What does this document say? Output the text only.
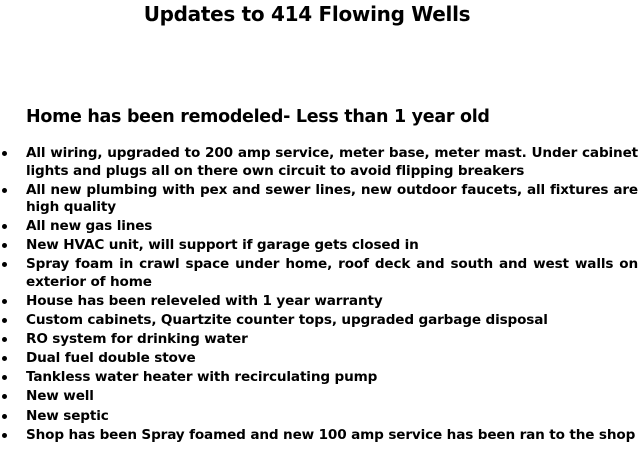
Updates to 414 Flowing Wells
Home has been remodeled- Less than 1 year old
All wiring, upgraded to 200 amp service, meter base, meter mast. Under cabinet lights and plugs all on there own circuit to avoid flipping breakers
All new plumbing with pex and sewer lines, new outdoor faucets, all fixtures are high quality
All new gas lines
New HVAC unit, will support if garage gets closed in
Spray foam in crawl space under home, roof deck and south and west walls on exterior of home
House has been releveled with 1 year warranty
Custom cabinets, Quartzite counter tops, upgraded garbage disposal
RO system for drinking water
Dual fuel double stove
Tankless water heater with recirculating pump
New well
New septic
Shop has been Spray foamed and new 100 amp service has been ran to the shop
